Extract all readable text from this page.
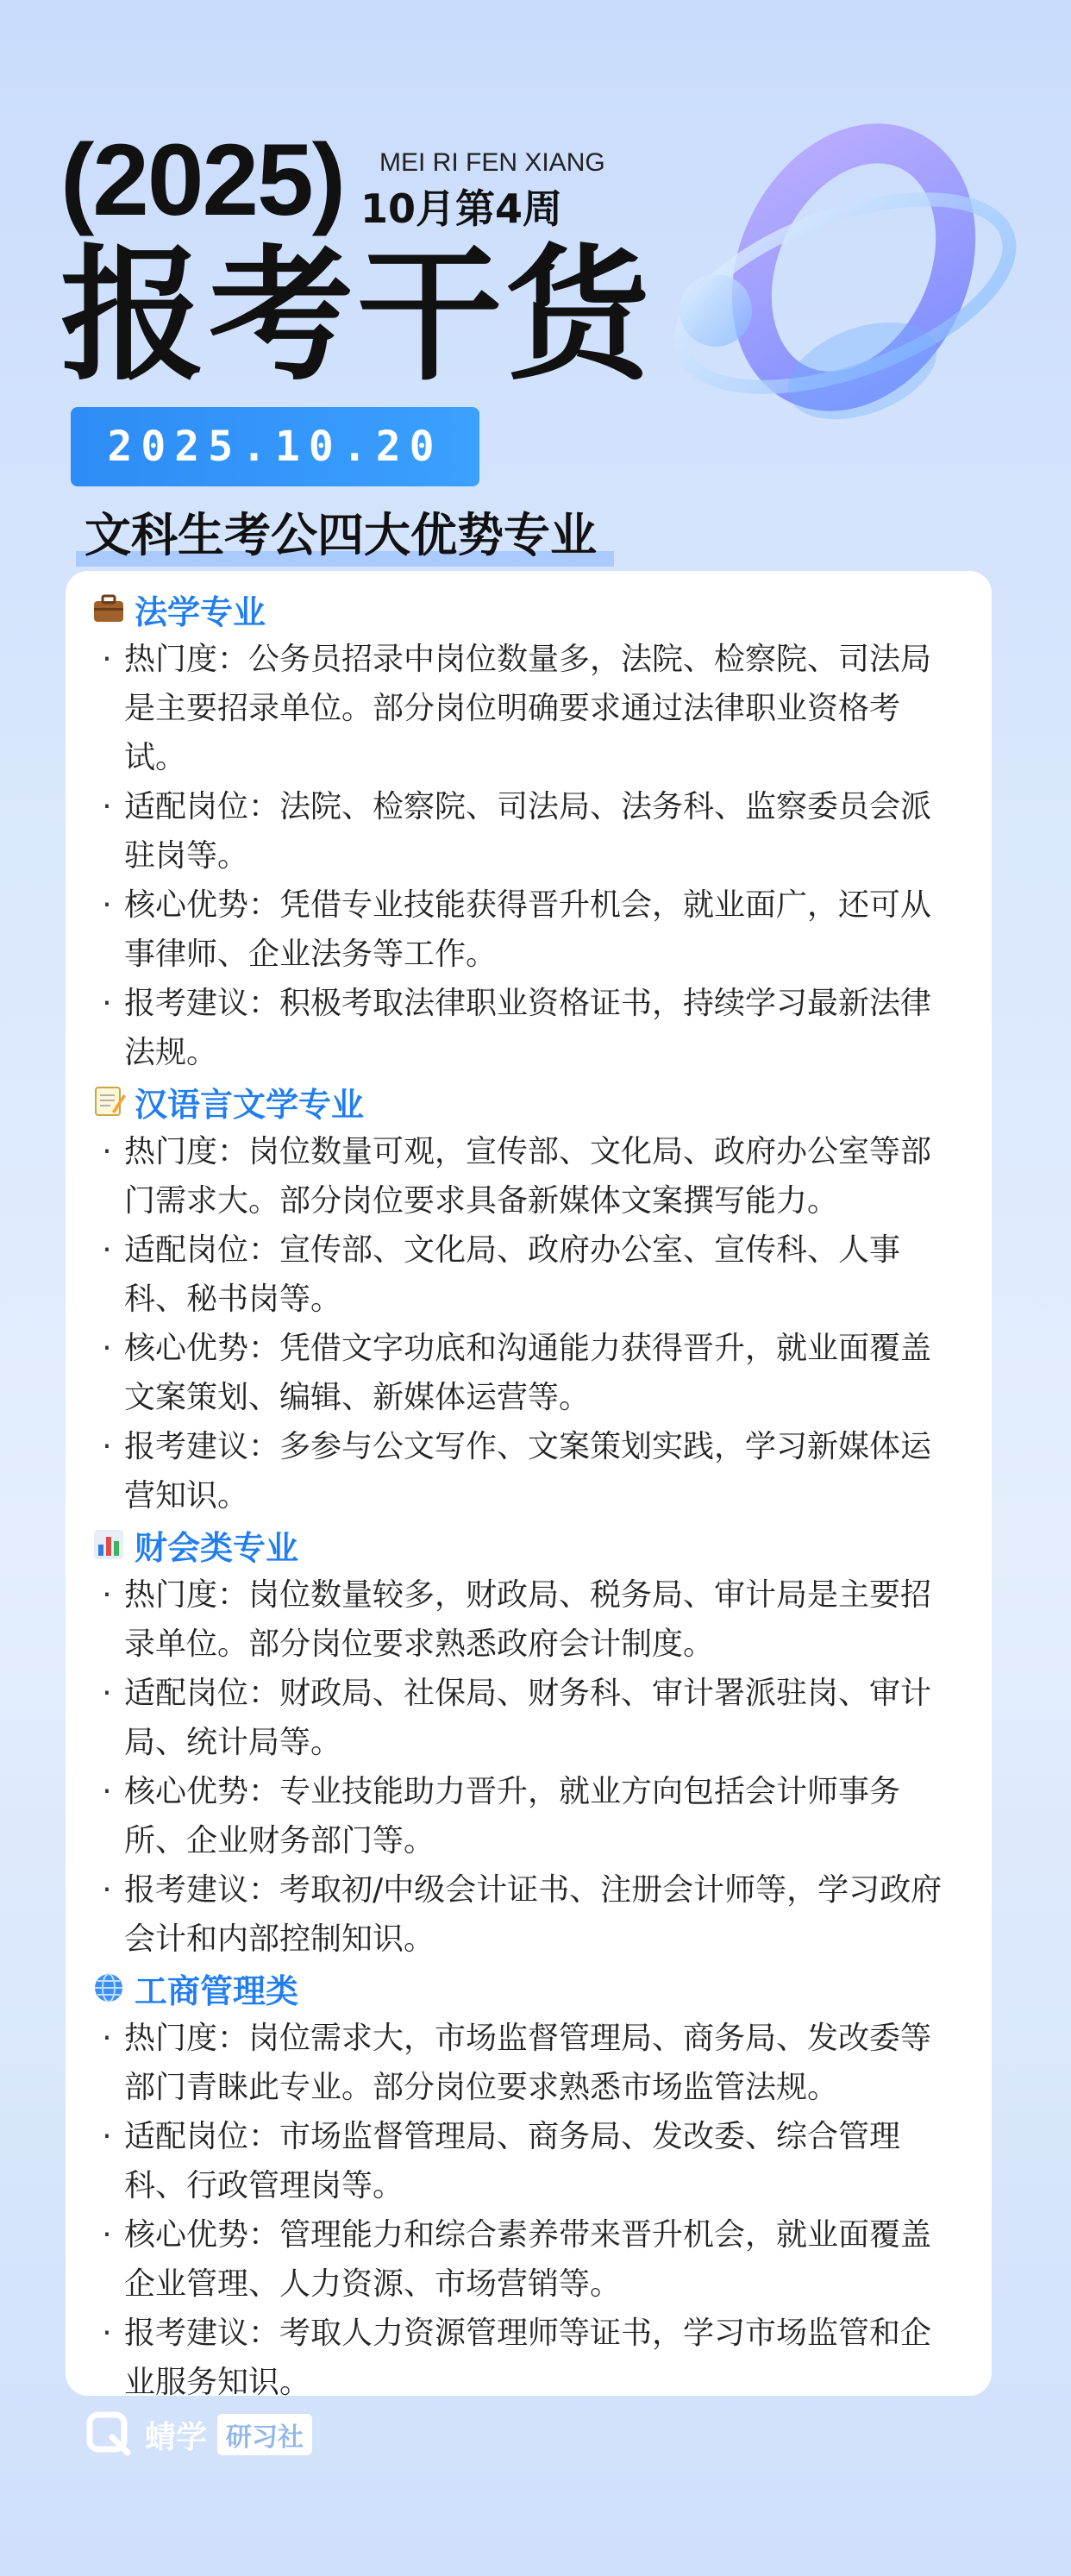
(2025) MEI RI FEN XIANG
10月第4周
报考干货
2025.10.20
文科生考公四大优势专业
法学专业
· 热门度：公务员招录中岗位数量多，法院、检察院、司法局是主要招录单位。部分岗位明确要求通过法律职业资格考试。
· 适配岗位：法院、检察院、司法局、法务科、监察委员会派驻岗等。
· 核心优势：凭借专业技能获得晋升机会，就业面广，还可从事律师、企业法务等工作。
· 报考建议：积极考取法律职业资格证书，持续学习最新法律法规。
汉语言文学专业
· 热门度：岗位数量可观，宣传部、文化局、政府办公室等部门需求大。部分岗位要求具备新媒体文案撰写能力。
· 适配岗位：宣传部、文化局、政府办公室、宣传科、人事科、秘书岗等。
· 核心优势：凭借文字功底和沟通能力获得晋升，就业面覆盖文案策划、编辑、新媒体运营等。
· 报考建议：多参与公文写作、文案策划实践，学习新媒体运营知识。
财会类专业
· 热门度：岗位数量较多，财政局、税务局、审计局是主要招录单位。部分岗位要求熟悉政府会计制度。
· 适配岗位：财政局、社保局、财务科、审计署派驻岗、审计局、统计局等。
· 核心优势：专业技能助力晋升，就业方向包括会计师事务所、企业财务部门等。
· 报考建议：考取初/中级会计证书、注册会计师等，学习政府会计和内部控制知识。
工商管理类
· 热门度：岗位需求大，市场监督管理局、商务局、发改委等部门青睐此专业。部分岗位要求熟悉市场监管法规。
· 适配岗位：市场监督管理局、商务局、发改委、综合管理科、行政管理岗等。
· 核心优势：管理能力和综合素养带来晋升机会，就业面覆盖企业管理、人力资源、市场营销等。
· 报考建议：考取人力资源管理师等证书，学习市场监管和企业服务知识。
蜻学 研习社
